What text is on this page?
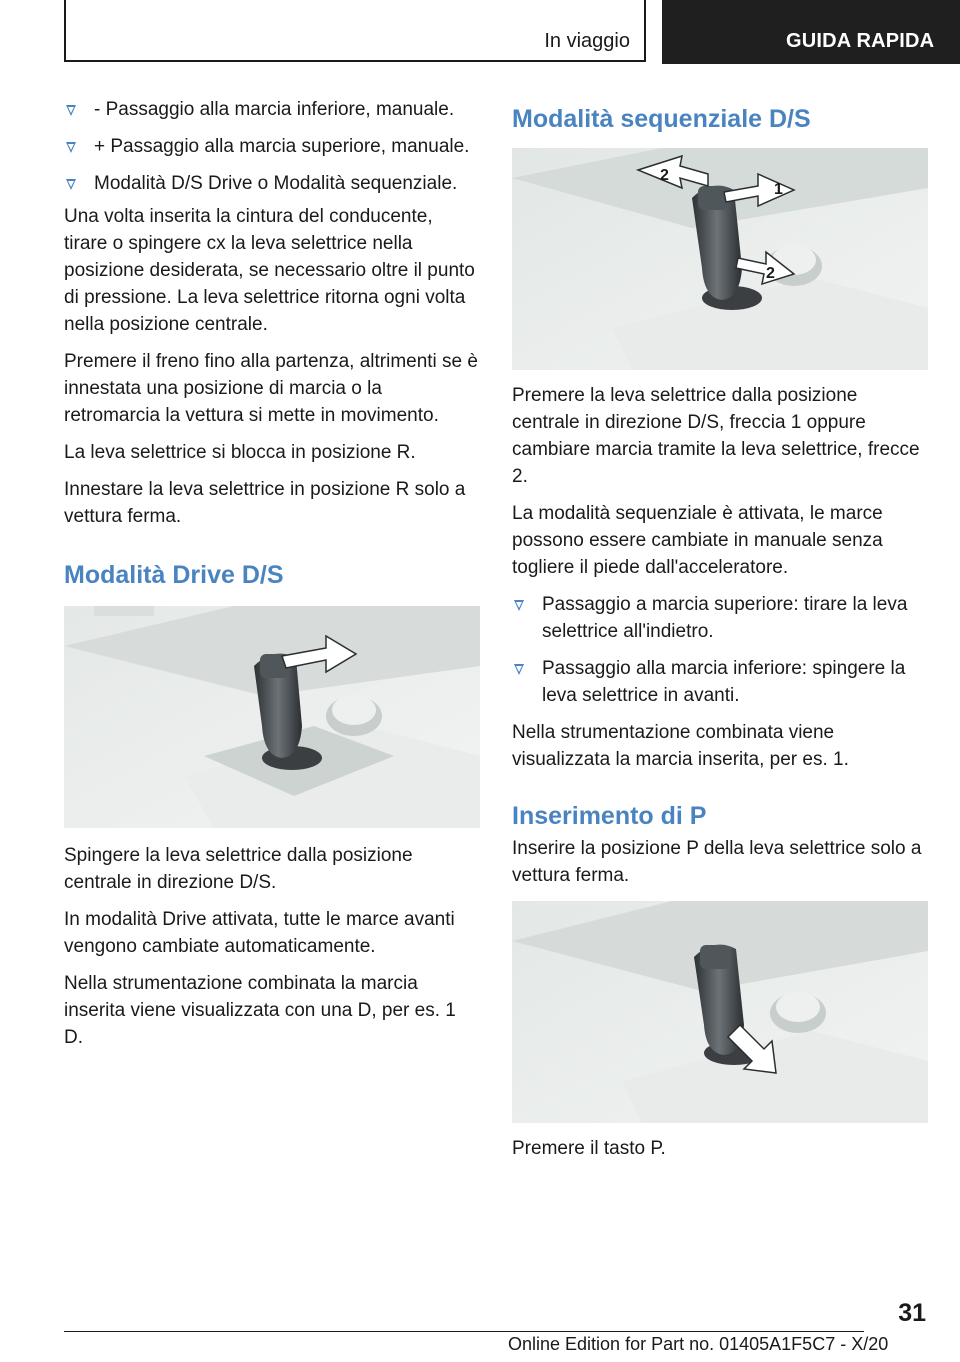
In viaggio	GUIDA RAPIDA
- Passaggio alla marcia inferiore, manuale.
+ Passaggio alla marcia superiore, manuale.
Modalità D/S Drive o Modalità sequenziale.

Una volta inserita la cintura del conducente, tirare o spingere cx la leva selettrice nella posizione desiderata, se necessario oltre il punto di pressione. La leva selettrice ritorna ogni volta nella posizione centrale.

Premere il freno fino alla partenza, altrimenti se è innestata una posizione di marcia o la retromarcia la vettura si mette in movimento.

La leva selettrice si blocca in posizione R.

Innestare la leva selettrice in posizione R solo a vettura ferma.

Modalità Drive D/S

Spingere la leva selettrice dalla posizione centrale in direzione D/S.

In modalità Drive attivata, tutte le marce avanti vengono cambiate automaticamente.

Nella strumentazione combinata la marcia inserita viene visualizzata con una D, per es. 1 D.

Modalità sequenziale D/S
1
2
2

Premere la leva selettrice dalla posizione centrale in direzione D/S, freccia 1 oppure cambiare marcia tramite la leva selettrice, frecce 2.

La modalità sequenziale è attivata, le marce possono essere cambiate in manuale senza togliere il piede dall'acceleratore.

Passaggio a marcia superiore: tirare la leva selettrice all'indietro.
Passaggio alla marcia inferiore: spingere la leva selettrice in avanti.

Nella strumentazione combinata viene visualizzata la marcia inserita, per es. 1.

Inserimento di P

Inserire la posizione P della leva selettrice solo a vettura ferma.

Premere il tasto P.

31
Online Edition for Part no. 01405A1F5C7 - X/20
